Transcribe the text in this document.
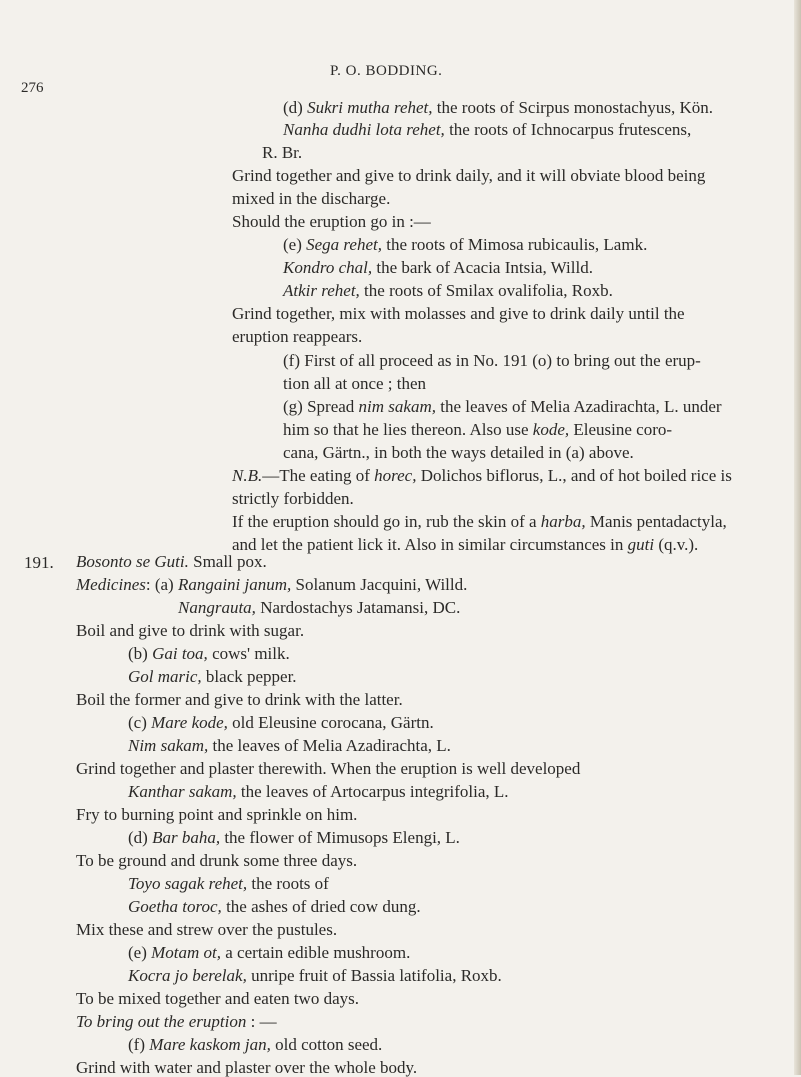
276
P. O. BODDING.
191.
(d) Sukri mutha rehet, the roots of Scirpus monostachyus, Kön.
Nanha dudhi lota rehet, the roots of Ichnocarpus frutescens,
R. Br.
Grind together and give to drink daily, and it will obviate blood being
mixed in the discharge.
Should the eruption go in :—
(e) Sega rehet, the roots of Mimosa rubicaulis, Lamk.
Kondro chal, the bark of Acacia Intsia, Willd.
Atkir rehet, the roots of Smilax ovalifolia, Roxb.
Grind together, mix with molasses and give to drink daily until the
eruption reappears.
(f) First of all proceed as in No. 191 (o) to bring out the erup-
tion all at once ; then
(g) Spread nim sakam, the leaves of Melia Azadirachta, L. under
him so that he lies thereon. Also use kode, Eleusine coro-
cana, Gärtn., in both the ways detailed in (a) above.
N.B.—The eating of horec, Dolichos biflorus, L., and of hot boiled rice is
strictly forbidden.
If the eruption should go in, rub the skin of a harba, Manis pentadactyla,
and let the patient lick it. Also in similar circumstances in guti (q.v.).
Bosonto se Guti. Small pox.
Medicines: (a) Rangaini janum, Solanum Jacquini, Willd.
Nangrauta, Nardostachys Jatamansi, DC.
Boil and give to drink with sugar.
(b) Gai toa, cows' milk.
Gol maric, black pepper.
Boil the former and give to drink with the latter.
(c) Mare kode, old Eleusine corocana, Gärtn.
Nim sakam, the leaves of Melia Azadirachta, L.
Grind together and plaster therewith. When the eruption is well developed
Kanthar sakam, the leaves of Artocarpus integrifolia, L.
Fry to burning point and sprinkle on him.
(d) Bar baha, the flower of Mimusops Elengi, L.
To be ground and drunk some three days.
Toyo sagak rehet, the roots of
Goetha toroc, the ashes of dried cow dung.
Mix these and strew over the pustules.
(e) Motam ot, a certain edible mushroom.
Kocra jo berelak, unripe fruit of Bassia latifolia, Roxb.
To be mixed together and eaten two days.
To bring out the eruption : —
(f) Mare kaskom jan, old cotton seed.
Grind with water and plaster over the whole body.
